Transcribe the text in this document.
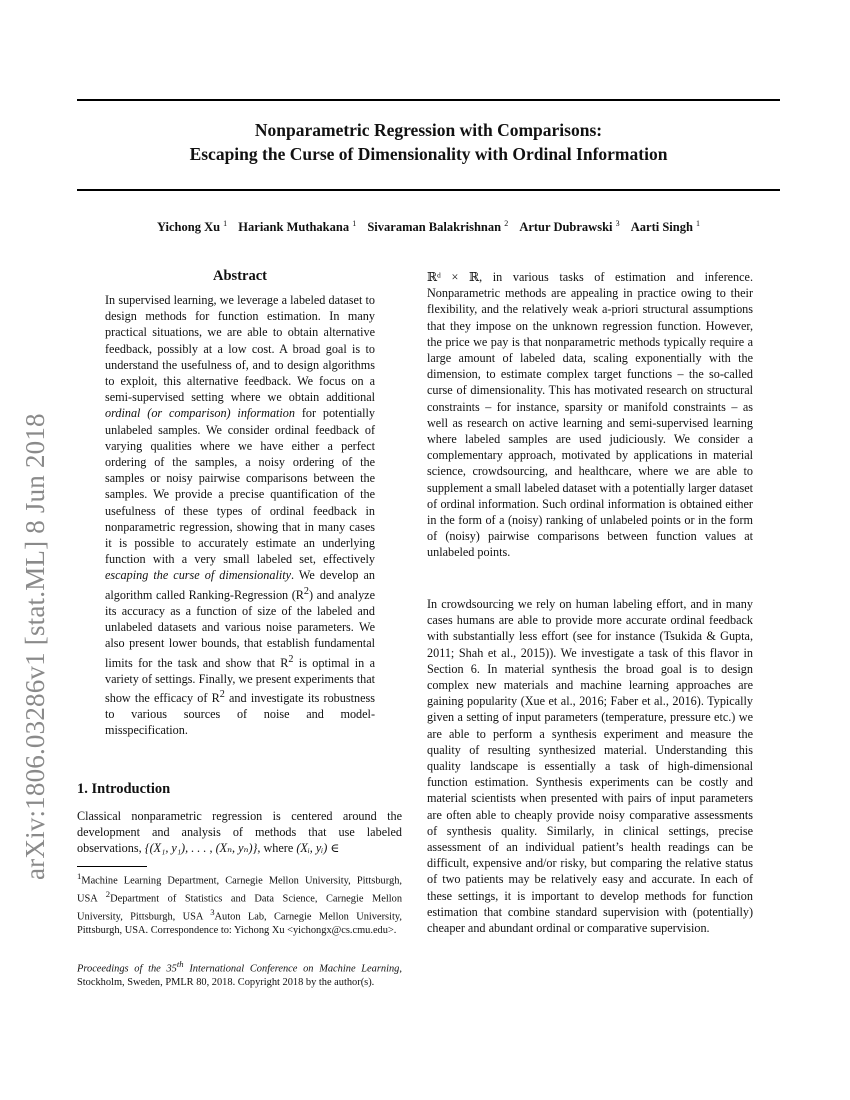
Nonparametric Regression with Comparisons:
Escaping the Curse of Dimensionality with Ordinal Information
Yichong Xu $^1$ Hariank Muthakana $^1$ Sivaraman Balakrishnan $^2$ Artur Dubrawski $^3$ Aarti Singh $^1$
arXiv:1806.03286v1 [stat.ML] 8 Jun 2018
Abstract

In supervised learning, we leverage a labeled dataset to design methods for function estimation. In many practical situations, we are able to obtain alternative feedback, possibly at a low cost. A broad goal is to understand the usefulness of, and to design algorithms to exploit, this alternative feedback. We focus on a semi-supervised setting where we obtain additional ordinal (or comparison) information for potentially unlabeled samples. We consider ordinal feedback of varying qualities where we have either a perfect ordering of the samples, a noisy ordering of the samples or noisy pairwise comparisons between the samples. We provide a precise quantification of the usefulness of these types of ordinal feedback in nonparametric regression, showing that in many cases it is possible to accurately estimate an underlying function with a very small labeled set, effectively escaping the curse of dimensionality. We develop an algorithm called Ranking-Regression $(R^2)$ and analyze its accuracy as a function of size of the labeled and unlabeled datasets and various noise parameters. We also present lower bounds, that establish fundamental limits for the task and show that $R^2$ is optimal in a variety of settings. Finally, we present experiments that show the efficacy of $R^2$ and investigate its robustness to various sources of noise and model-misspecification.

1. Introduction

Classical nonparametric regression is centered around the development and analysis of methods that use labeled observations, {(X₁, y₁), . . . , (Xₙ, yₙ)}, where (Xᵢ, yᵢ) ∈

$^1$Machine Learning Department, Carnegie Mellon University, Pittsburgh, USA $^2$Department of Statistics and Data Science, Carnegie Mellon University, Pittsburgh, USA $^3$Auton Lab, Carnegie Mellon University, Pittsburgh, USA. Correspondence to: Yichong Xu <yichongx@cs.cmu.edu>.
Proceedings of the 35th International Conference on Machine Learning, Stockholm, Sweden, PMLR 80, 2018. Copyright 2018 by the author(s).

ℝᵈ × ℝ, in various tasks of estimation and inference. Nonparametric methods are appealing in practice owing to their flexibility, and the relatively weak a-priori structural assumptions that they impose on the unknown regression function. However, the price we pay is that nonparametric methods typically require a large amount of labeled data, scaling exponentially with the dimension, to estimate complex target functions – the so-called curse of dimensionality. This has motivated research on structural constraints – for instance, sparsity or manifold constraints – as well as research on active learning and semi-supervised learning where labeled samples are used judiciously. We consider a complementary approach, motivated by applications in material science, crowdsourcing, and healthcare, where we are able to supplement a small labeled dataset with a potentially larger dataset of ordinal information. Such ordinal information is obtained either in the form of a (noisy) ranking of unlabeled points or in the form of (noisy) pairwise comparisons between function values at unlabeled points.

In crowdsourcing we rely on human labeling effort, and in many cases humans are able to provide more accurate ordinal feedback with substantially less effort (see for instance (Tsukida & Gupta, 2011; Shah et al., 2015)). We investigate a task of this flavor in Section 6. In material synthesis the broad goal is to design complex new materials and machine learning approaches are gaining popularity (Xue et al., 2016; Faber et al., 2016). Typically given a setting of input parameters (temperature, pressure etc.) we are able to perform a synthesis experiment and measure the quality of resulting synthesized material. Understanding this quality landscape is essentially a task of high-dimensional function estimation. Synthesis experiments can be costly and material scientists when presented with pairs of input parameters are often able to cheaply provide noisy comparative assessments of synthesis quality. Similarly, in clinical settings, precise assessment of an individual patient’s health readings can be difficult, expensive and/or risky, but comparing the relative status of two patients may be relatively easy and accurate. In each of these settings, it is important to develop methods for function estimation that combine standard supervision with (potentially) cheaper and abundant ordinal or comparative supervision.
